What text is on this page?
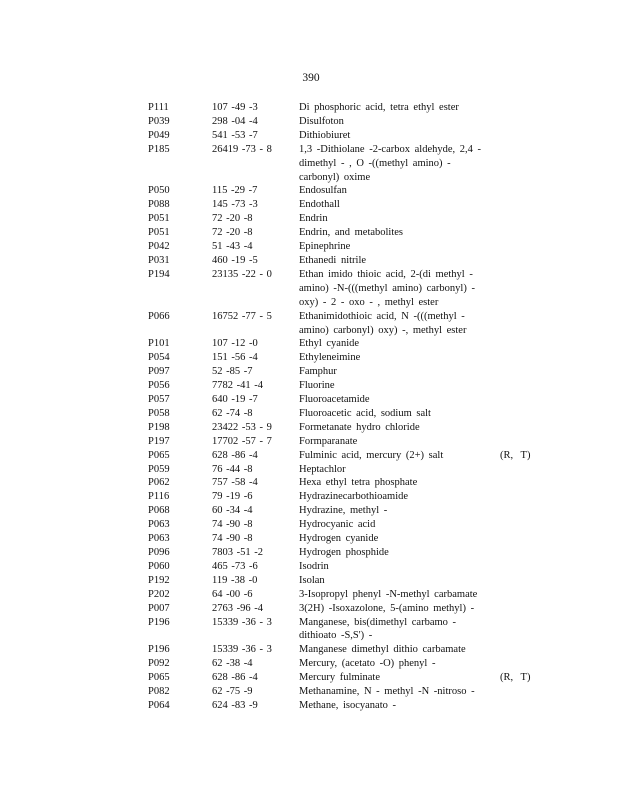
390
P111	107 -49 -3	Di phosphoric acid, tetra ethyl ester
P039	298 -04 -4	Disulfoton
P049	541 -53 -7	Dithiobiuret
P185	26419 -73 - 8	1,3 -Dithiolane -2-carbox aldehyde, 2,4 -
dimethyl - , O -((methyl amino) -
carbonyl) oxime
P050	115 -29 -7	Endosulfan
P088	145 -73 -3	Endothall
P051	72 -20 -8	Endrin
P051	72 -20 -8	Endrin, and metabolites
P042	51 -43 -4	Epinephrine
P031	460 -19 -5	Ethanedi nitrile
P194	23135 -22 - 0	Ethan imido thioic acid, 2-(di methyl -
amino) -N-(((methyl amino) carbonyl) -
oxy) - 2 - oxo - , methyl ester
P066	16752 -77 - 5	Ethanimidothioic acid, N -(((methyl -
amino) carbonyl) oxy) -, methyl ester
P101	107 -12 -0	Ethyl cyanide
P054	151 -56 -4	Ethyleneimine
P097	52 -85 -7	Famphur
P056	7782 -41 -4	Fluorine
P057	640 -19 -7	Fluoroacetamide
P058	62 -74 -8	Fluoroacetic acid, sodium salt
P198	23422 -53 - 9	Formetanate hydro chloride
P197	17702 -57 - 7	Formparanate
P065	628 -86 -4	Fulminic acid, mercury (2+) salt	(R, T)
P059	76 -44 -8	Heptachlor
P062	757 -58 -4	Hexa ethyl tetra phosphate
P116	79 -19 -6	Hydrazinecarbothioamide
P068	60 -34 -4	Hydrazine, methyl -
P063	74 -90 -8	Hydrocyanic acid
P063	74 -90 -8	Hydrogen cyanide
P096	7803 -51 -2	Hydrogen phosphide
P060	465 -73 -6	Isodrin
P192	119 -38 -0	Isolan
P202	64 -00 -6	3-Isopropyl phenyl -N-methyl carbamate
P007	2763 -96 -4	3(2H) -Isoxazolone, 5-(amino methyl) -
P196	15339 -36 - 3	Manganese, bis(dimethyl carbamo -
dithioato -S,S') -
P196	15339 -36 - 3	Manganese dimethyl dithio carbamate
P092	62 -38 -4	Mercury, (acetato -O) phenyl -
P065	628 -86 -4	Mercury fulminate	(R, T)
P082	62 -75 -9	Methanamine, N - methyl -N -nitroso -
P064	624 -83 -9	Methane, isocyanato -
